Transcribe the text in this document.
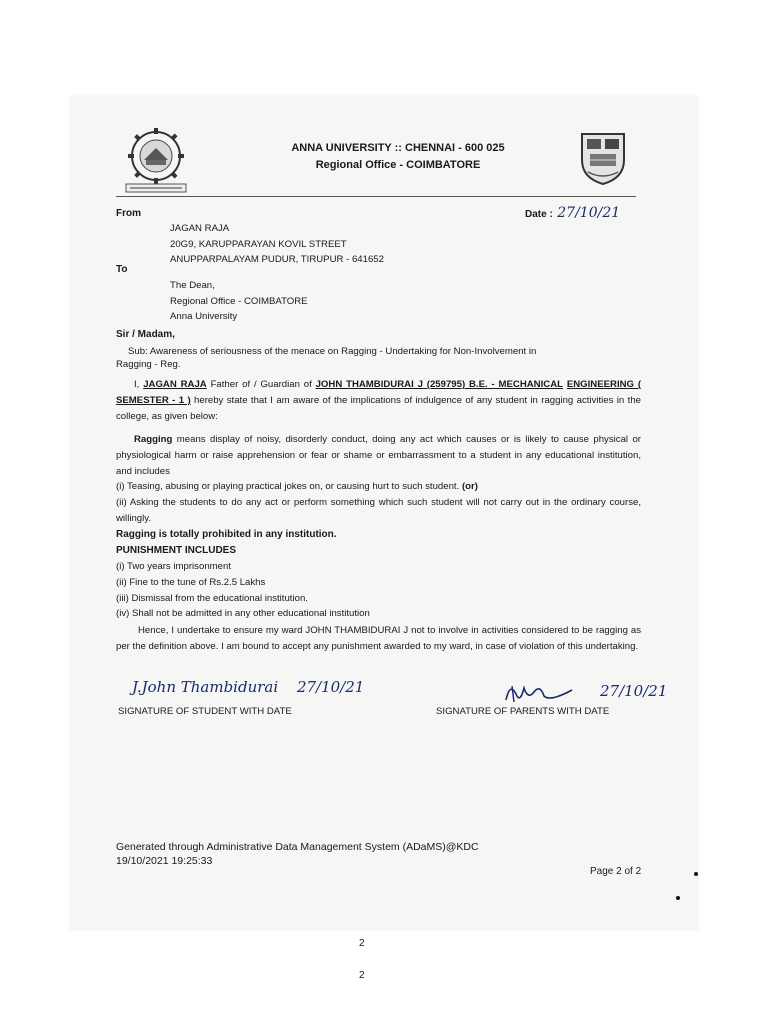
ANNA UNIVERSITY :: CHENNAI - 600 025
Regional Office - COIMBATORE
From
JAGAN RAJA
20G9, KARUPPARAYAN KOVIL STREET
ANUPPARPALAYAM PUDUR, TIRUPUR - 641652
Date : 27/10/21
To
The Dean,
Regional Office - COIMBATORE
Anna University
Sir / Madam,
Sub: Awareness of seriousness of the menace on Ragging - Undertaking for Non-Involvement in
Ragging - Reg.
I, JAGAN RAJA Father of / Guardian of JOHN THAMBIDURAI J (259795) B.E. - MECHANICAL ENGINEERING ( SEMESTER - 1 ) hereby state that I am aware of the implications of indulgence of any student in ragging activities in the college, as given below:
Ragging means display of noisy, disorderly conduct, doing any act which causes or is likely to cause physical or physiological harm or raise apprehension or fear or shame or embarrassment to a student in any educational institution, and includes
(i) Teasing, abusing or playing practical jokes on, or causing hurt to such student. (or)
(ii) Asking the students to do any act or perform something which such student will not carry out in the ordinary course, willingly.
Ragging is totally prohibited in any institution.
PUNISHMENT INCLUDES
(i) Two years imprisonment
(ii) Fine to the tune of Rs.2.5 Lakhs
(iii) Dismissal from the educational institution.
(iv) Shall not be admitted in any other educational institution
Hence, I undertake to ensure my ward JOHN THAMBIDURAI J not to involve in activities considered to be ragging as per the definition above. I am bound to accept any punishment awarded to my ward, in case of violation of this undertaking.
J.John Thambidurai 27/10/21
SIGNATURE OF STUDENT WITH DATE
27/10/21
SIGNATURE OF PARENTS WITH DATE
Generated through Administrative Data Management System (ADaMS)@KDC
19/10/2021 19:25:33
Page 2 of 2
2
2
